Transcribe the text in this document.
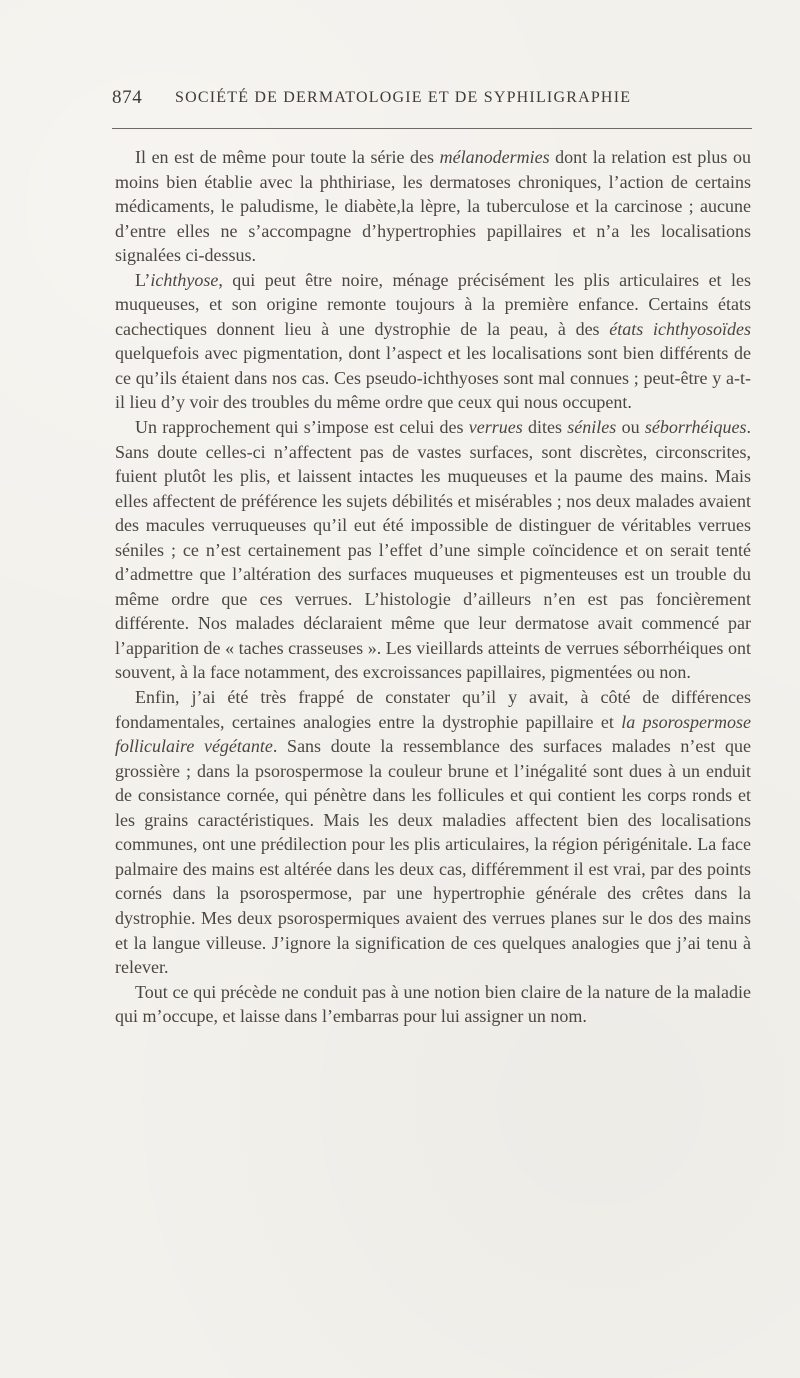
874 SOCIÉTÉ DE DERMATOLOGIE ET DE SYPHILIGRAPHIE

Il en est de même pour toute la série des mélanodermies dont la relation est plus ou moins bien établie avec la phthiriase, les dermatoses chroniques, l’action de certains médicaments, le paludisme, le diabète,la lèpre, la tuberculose et la carcinose ; aucune d’entre elles ne s’accompagne d’hypertrophies papillaires et n’a les localisations signalées ci-dessus.

L’ichthyose, qui peut être noire, ménage précisément les plis articulaires et les muqueuses, et son origine remonte toujours à la première enfance. Certains états cachectiques donnent lieu à une dystrophie de la peau, à des états ichthyosoïdes quelquefois avec pigmentation, dont l’aspect et les localisations sont bien différents de ce qu’ils étaient dans nos cas. Ces pseudo-ichthyoses sont mal connues ; peut-être y a-t-il lieu d’y voir des troubles du même ordre que ceux qui nous occupent.

Un rapprochement qui s’impose est celui des verrues dites séniles ou séborrhéiques. Sans doute celles-ci n’affectent pas de vastes surfaces, sont discrètes, circonscrites, fuient plutôt les plis, et laissent intactes les muqueuses et la paume des mains. Mais elles affectent de préférence les sujets débilités et misérables ; nos deux malades avaient des macules verruqueuses qu’il eut été impossible de distinguer de véritables verrues séniles ; ce n’est certainement pas l’effet d’une simple coïncidence et on serait tenté d’admettre que l’altération des surfaces muqueuses et pigmenteuses est un trouble du même ordre que ces verrues. L’histologie d’ailleurs n’en est pas foncièrement différente. Nos malades déclaraient même que leur dermatose avait commencé par l’apparition de « taches crasseuses ». Les vieillards atteints de verrues séborrhéiques ont souvent, à la face notamment, des excroissances papillaires, pigmentées ou non.

Enfin, j’ai été très frappé de constater qu’il y avait, à côté de différences fondamentales, certaines analogies entre la dystrophie papillaire et la psorospermose folliculaire végétante. Sans doute la ressemblance des surfaces malades n’est que grossière ; dans la psorospermose la couleur brune et l’inégalité sont dues à un enduit de consistance cornée, qui pénètre dans les follicules et qui contient les corps ronds et les grains caractéristiques. Mais les deux maladies affectent bien des localisations communes, ont une prédilection pour les plis articulaires, la région périgénitale. La face palmaire des mains est altérée dans les deux cas, différemment il est vrai, par des points cornés dans la psorospermose, par une hypertrophie générale des crêtes dans la dystrophie. Mes deux psorospermiques avaient des verrues planes sur le dos des mains et la langue villeuse. J’ignore la signification de ces quelques analogies que j’ai tenu à relever.

Tout ce qui précède ne conduit pas à une notion bien claire de la nature de la maladie qui m’occupe, et laisse dans l’embarras pour lui assigner un nom.
